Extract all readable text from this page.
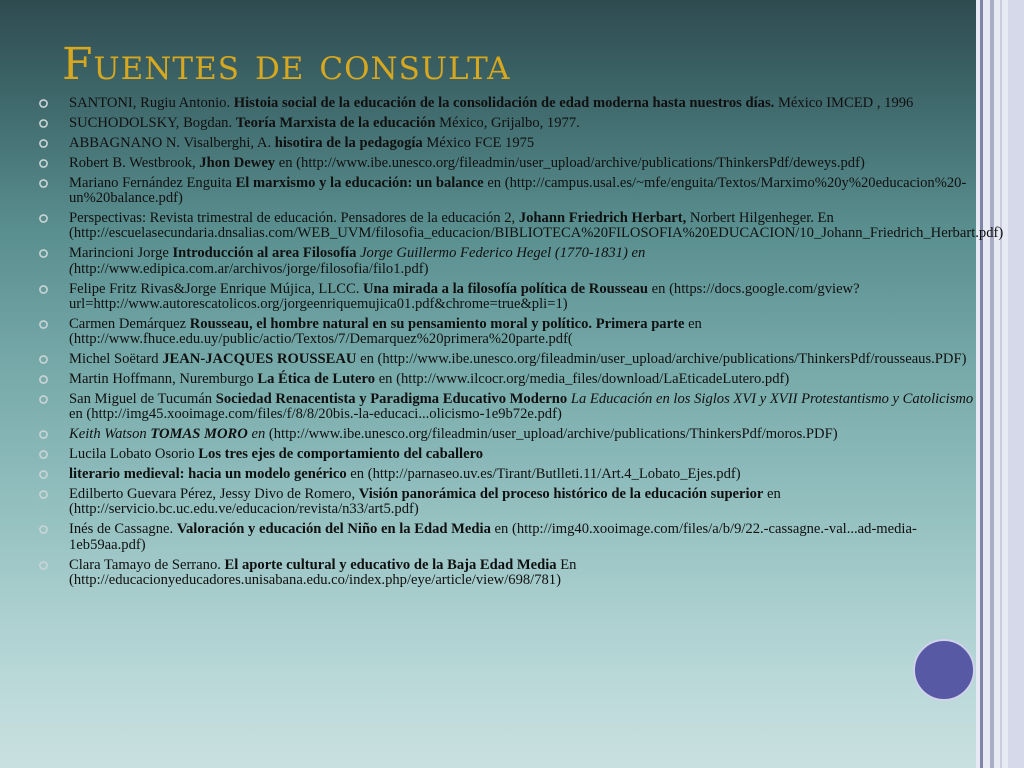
Fuentes de consulta
SANTONI, Rugiu Antonio. Histoia social de la educación de la consolidación de edad moderna hasta nuestros días. México IMCED , 1996
SUCHODOLSKY, Bogdan. Teoría Marxista de la educación México, Grijalbo, 1977.
ABBAGNANO N. Visalberghi, A. hisotira de la pedagogía México FCE 1975
Robert B. Westbrook, Jhon Dewey en (http://www.ibe.unesco.org/fileadmin/user_upload/archive/publications/ThinkersPdf/deweys.pdf)
Mariano Fernández Enguita El marxismo y la educación: un balance en (http://campus.usal.es/~mfe/enguita/Textos/Marximo%20y%20educacion%20-un%20balance.pdf)
Perspectivas: Revista trimestral de educación. Pensadores de la educación 2, Johann Friedrich Herbart, Norbert Hilgenheger. En (http://escuelasecundaria.dnsalias.com/WEB_UVM/filosofia_educacion/BIBLIOTECA%20FILOSOFIA%20EDUCACION/10_Johann_Friedrich_Herbart.pdf)
Marincioni Jorge Introducción al area Filosofía Jorge Guillermo Federico Hegel (1770-1831) en (http://www.edipica.com.ar/archivos/jorge/filosofia/filo1.pdf)
Felipe Fritz Rivas&Jorge Enrique Mújica, LLCC. Una mirada a la filosofía política de Rousseau en (https://docs.google.com/gview?url=http://www.autorescatolicos.org/jorgeenriquemujica01.pdf&chrome=true&pli=1)
Carmen Demárquez Rousseau, el hombre natural en su pensamiento moral y político. Primera parte en (http://www.fhuce.edu.uy/public/actio/Textos/7/Demarquez%20primera%20parte.pdf(
Michel Soëtard JEAN-JACQUES ROUSSEAU en (http://www.ibe.unesco.org/fileadmin/user_upload/archive/publications/ThinkersPdf/rousseaus.PDF)
Martin Hoffmann, Nuremburgo La Ética de Lutero en (http://www.ilcocr.org/media_files/download/LaEticadeLutero.pdf)
San Miguel de Tucumán Sociedad Renacentista y Paradigma Educativo Moderno La Educación en los Siglos XVI y XVII Protestantismo y Catolicismo en (http://img45.xooimage.com/files/f/8/8/20bis.-la-educaci...olicismo-1e9b72e.pdf)
Keith Watson TOMAS MORO en (http://www.ibe.unesco.org/fileadmin/user_upload/archive/publications/ThinkersPdf/moros.PDF)
Lucila Lobato Osorio Los tres ejes de comportamiento del caballero
literario medieval: hacia un modelo genérico en (http://parnaseo.uv.es/Tirant/Butlleti.11/Art.4_Lobato_Ejes.pdf)
Edilberto Guevara Pérez, Jessy Divo de Romero, Visión panorámica del proceso histórico de la educación superior en (http://servicio.bc.uc.edu.ve/educacion/revista/n33/art5.pdf)
Inés de Cassagne. Valoración y educación del Niño en la Edad Media en (http://img40.xooimage.com/files/a/b/9/22.-cassagne.-val...ad-media-1eb59aa.pdf)
Clara Tamayo de Serrano. El aporte cultural y educativo de la Baja Edad Media En (http://educacionyeducadores.unisabana.edu.co/index.php/eye/article/view/698/781)
